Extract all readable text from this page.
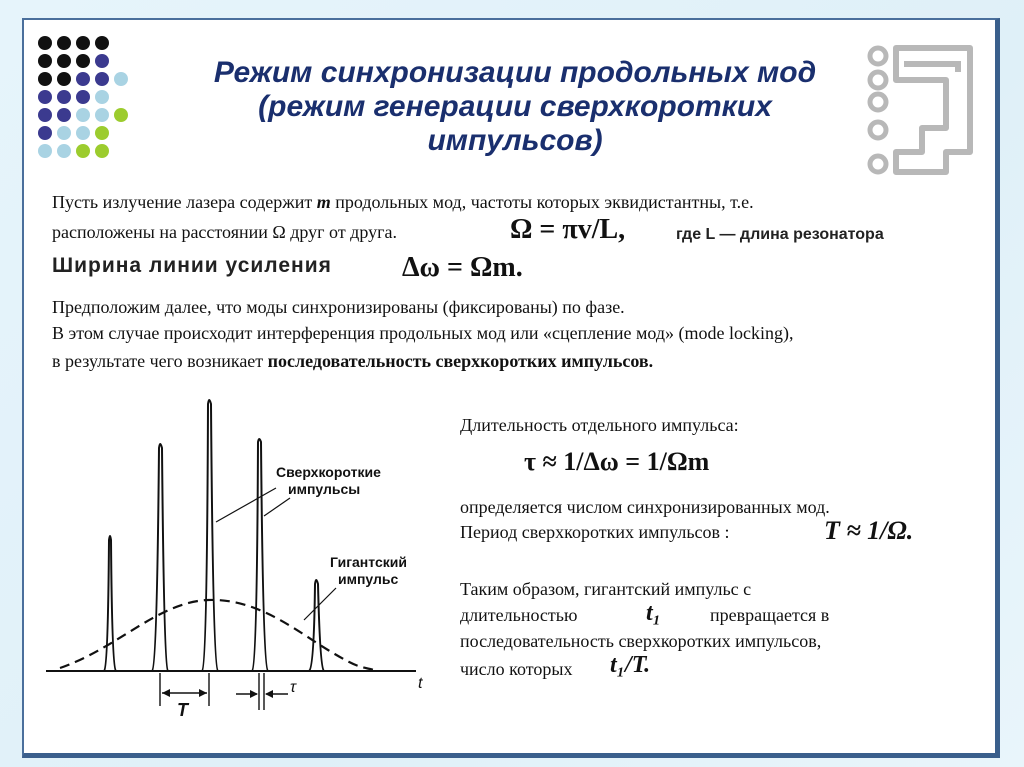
Режим синхронизации продольных мод
(режим генерации сверхкоротких
импульсов)

Пусть излучение лазера содержит m продольных мод, частоты которых эквидистантны, т.е.

расположены на расстоянии Ω друг от друга.	Ω = πv/L,	где L — длина резонатора
Ширина линии усиления	Δω = Ωm.

Предположим далее, что моды синхронизированы (фиксированы) по фазе.

В этом случае происходит интерференция продольных мод или «сцепление мод» (mode locking),

в результате чего возникает последовательность сверхкоротких импульсов.

Длительность отдельного импульса:

τ ≈ 1/Δω = 1/Ωm

определяется числом синхронизированных мод.

Период сверхкоротких импульсов :	T ≈ 1/Ω.

Таким образом, гигантский импульс с

длительностью	t₁	превращается в

последовательность сверхкоротких импульсов,

число которых t₁/T.
t
Сверхкороткие
импульсы
Гигантский
импульс
T
τ
